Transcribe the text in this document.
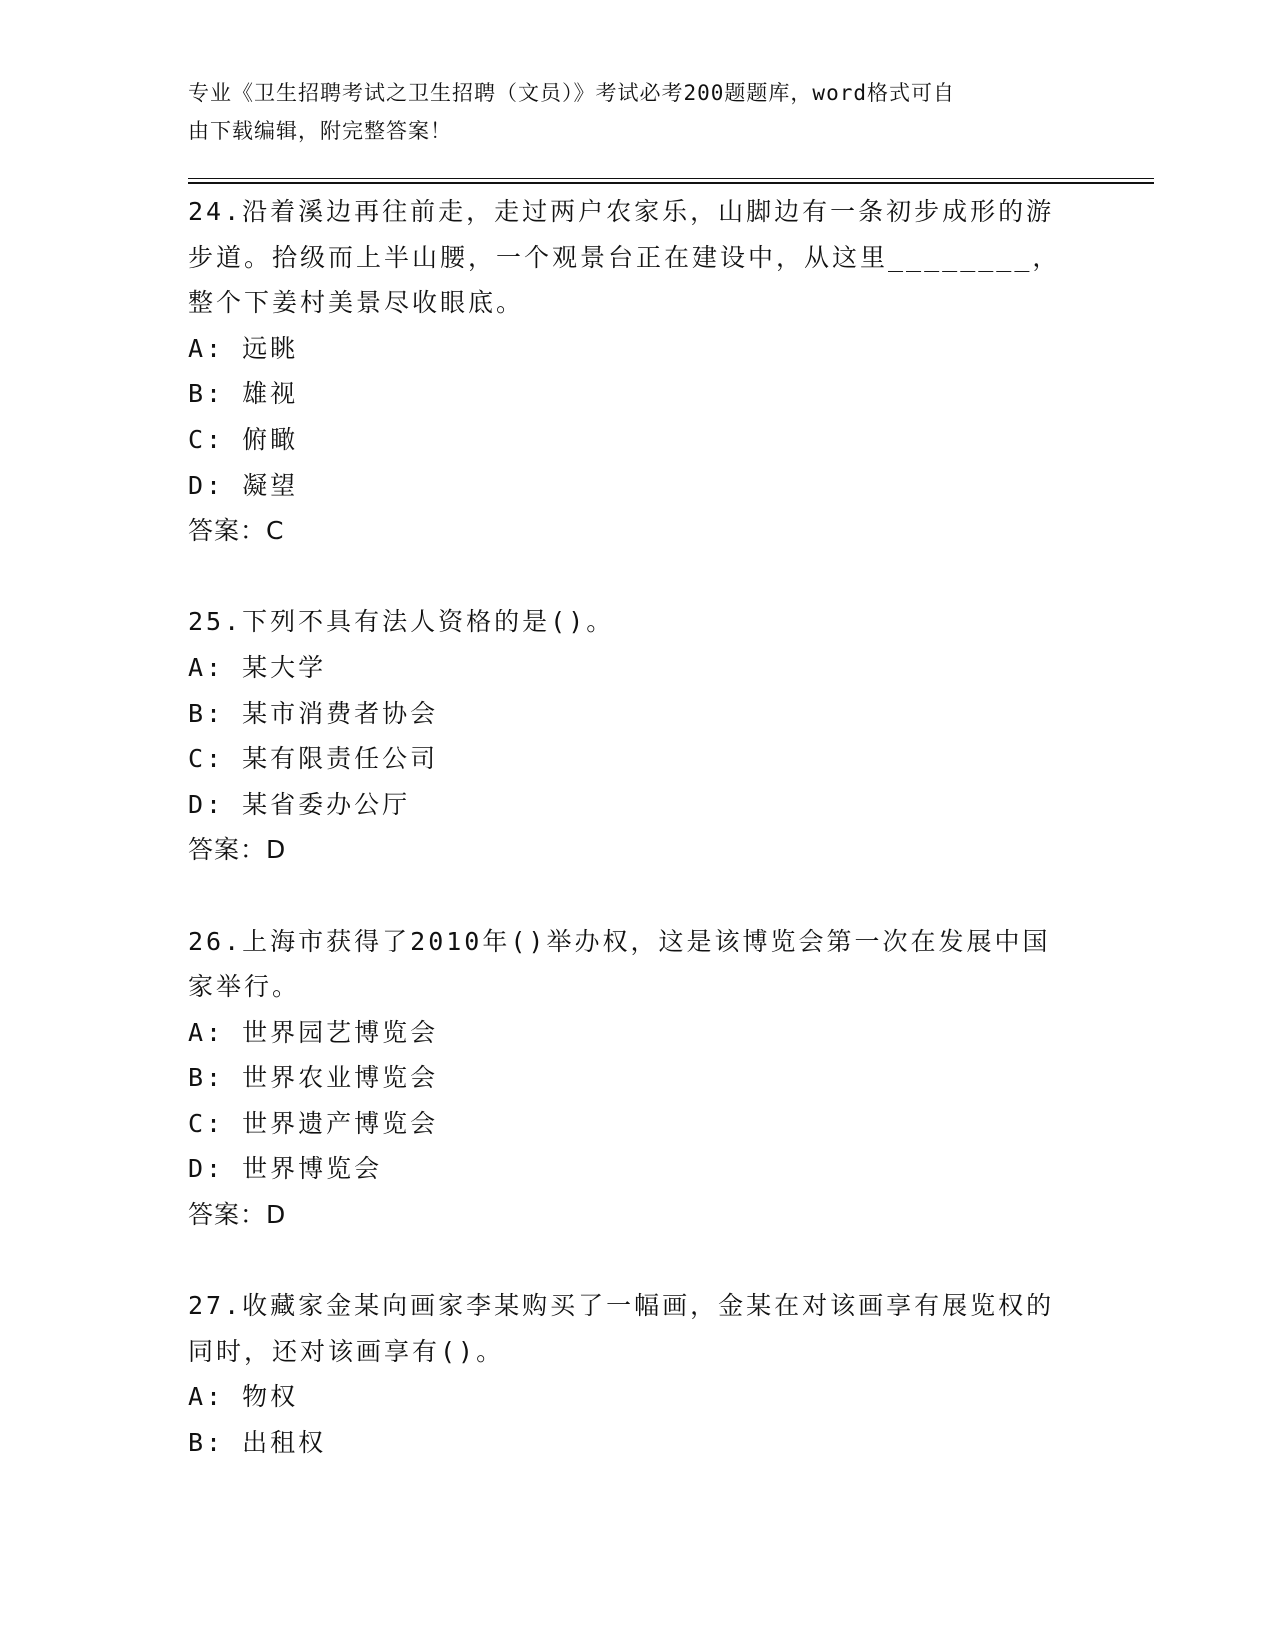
专业《卫生招聘考试之卫生招聘（文员）》考试必考200题题库，word格式可自
由下载编辑，附完整答案！
24.沿着溪边再往前走，走过两户农家乐，山脚边有一条初步成形的游
步道。拾级而上半山腰，一个观景台正在建设中，从这里________，
整个下姜村美景尽收眼底。
A: 远眺
B: 雄视
C: 俯瞰
D: 凝望
答案：C
25.下列不具有法人资格的是()。
A: 某大学
B: 某市消费者协会
C: 某有限责任公司
D: 某省委办公厅
答案：D
26.上海市获得了2010年()举办权，这是该博览会第一次在发展中国
家举行。
A: 世界园艺博览会
B: 世界农业博览会
C: 世界遗产博览会
D: 世界博览会
答案：D
27.收藏家金某向画家李某购买了一幅画，金某在对该画享有展览权的
同时，还对该画享有()。
A: 物权
B: 出租权
